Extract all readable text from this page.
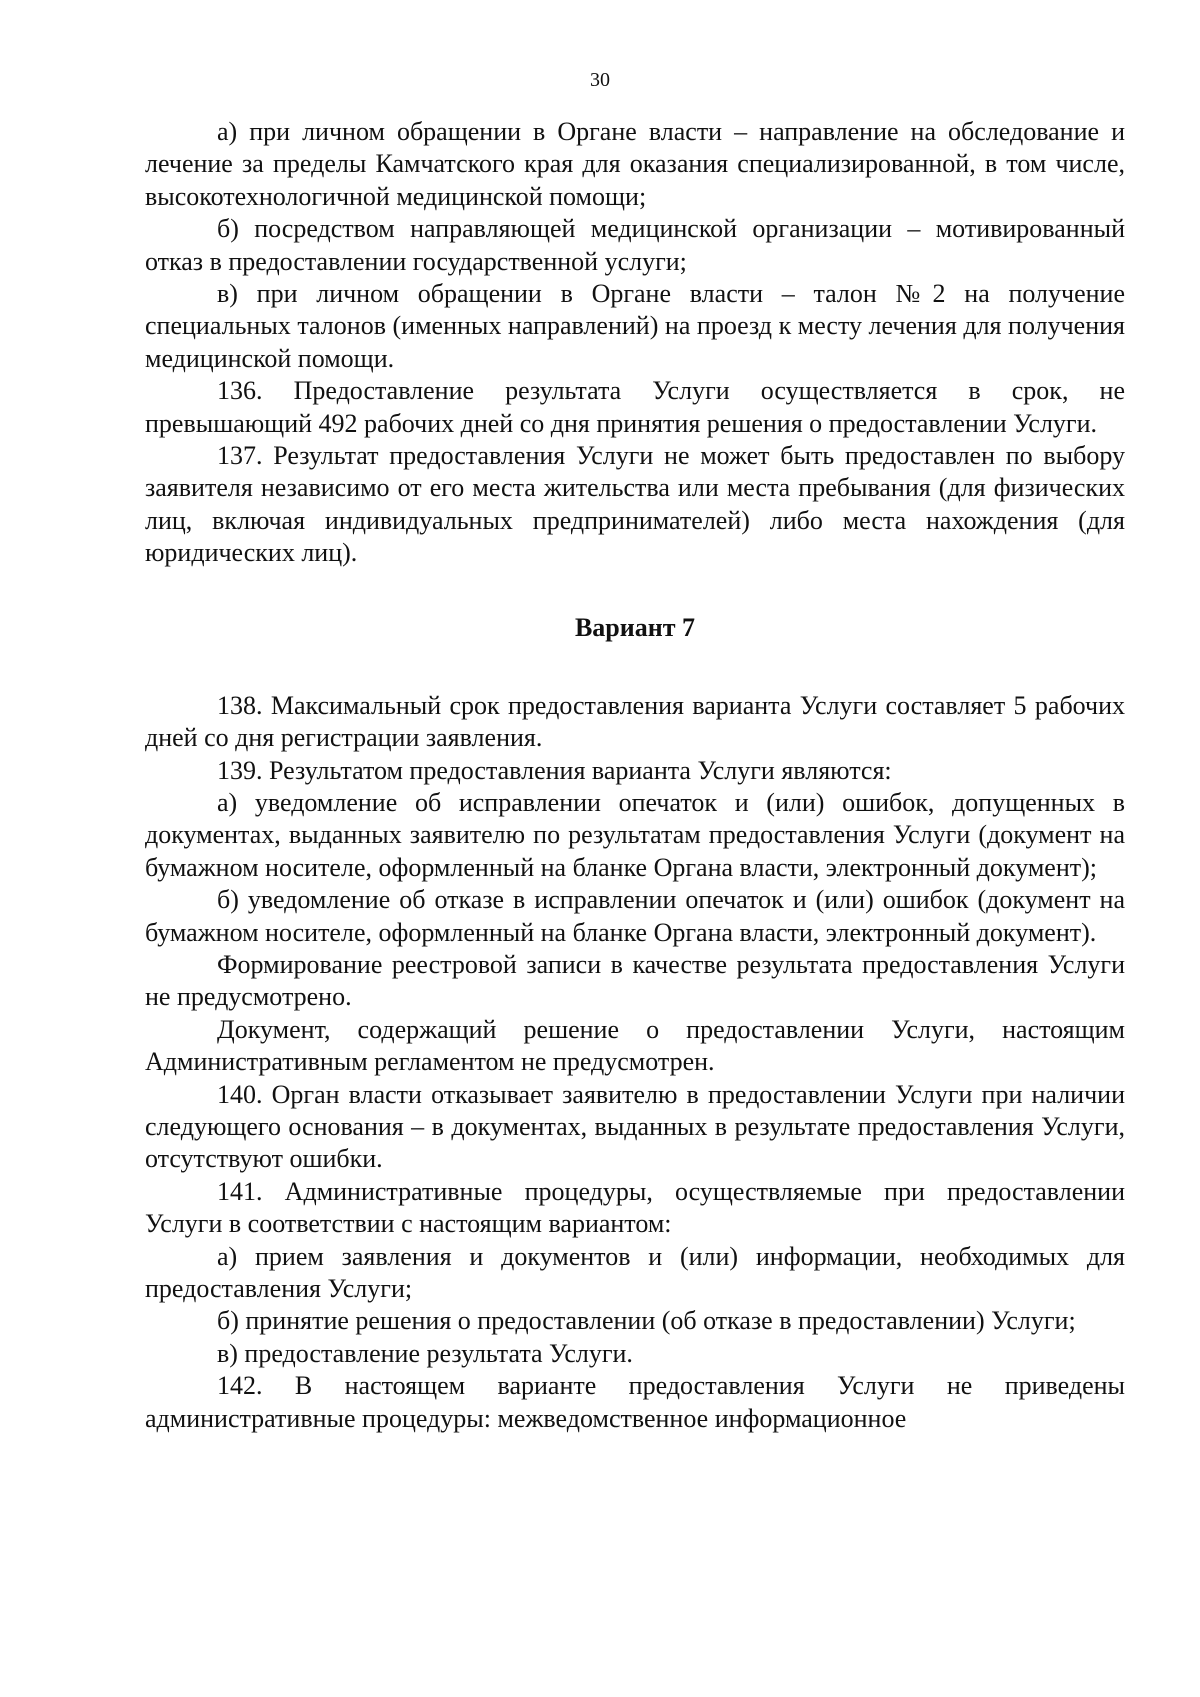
30

а) при личном обращении в Органе власти – направление на обследование и лечение за пределы Камчатского края для оказания специализированной, в том числе, высокотехнологичной медицинской помощи;

б) посредством направляющей медицинской организации – мотивированный отказ в предоставлении государственной услуги;

в) при личном обращении в Органе власти – талон №2 на получение специальных талонов (именных направлений) на проезд к месту лечения для получения медицинской помощи.

136. Предоставление результата Услуги осуществляется в срок, не превышающий 492 рабочих дней со дня принятия решения о предоставлении Услуги.

137. Результат предоставления Услуги не может быть предоставлен по выбору заявителя независимо от его места жительства или места пребывания (для физических лиц, включая индивидуальных предпринимателей) либо места нахождения (для юридических лиц).

Вариант 7

138. Максимальный срок предоставления варианта Услуги составляет 5 рабочих дней со дня регистрации заявления.

139. Результатом предоставления варианта Услуги являются:

а) уведомление об исправлении опечаток и (или) ошибок, допущенных в документах, выданных заявителю по результатам предоставления Услуги (документ на бумажном носителе, оформленный на бланке Органа власти, электронный документ);

б) уведомление об отказе в исправлении опечаток и (или) ошибок (документ на бумажном носителе, оформленный на бланке Органа власти, электронный документ).

Формирование реестровой записи в качестве результата предоставления Услуги не предусмотрено.

Документ, содержащий решение о предоставлении Услуги, настоящим Административным регламентом не предусмотрен.

140. Орган власти отказывает заявителю в предоставлении Услуги при наличии следующего основания – в документах, выданных в результате предоставления Услуги, отсутствуют ошибки.

141. Административные процедуры, осуществляемые при предоставлении Услуги в соответствии с настоящим вариантом:

а) прием заявления и документов и (или) информации, необходимых для предоставления Услуги;

б) принятие решения о предоставлении (об отказе в предоставлении) Услуги;

в) предоставление результата Услуги.

142. В настоящем варианте предоставления Услуги не приведены административные процедуры: межведомственное информационное
